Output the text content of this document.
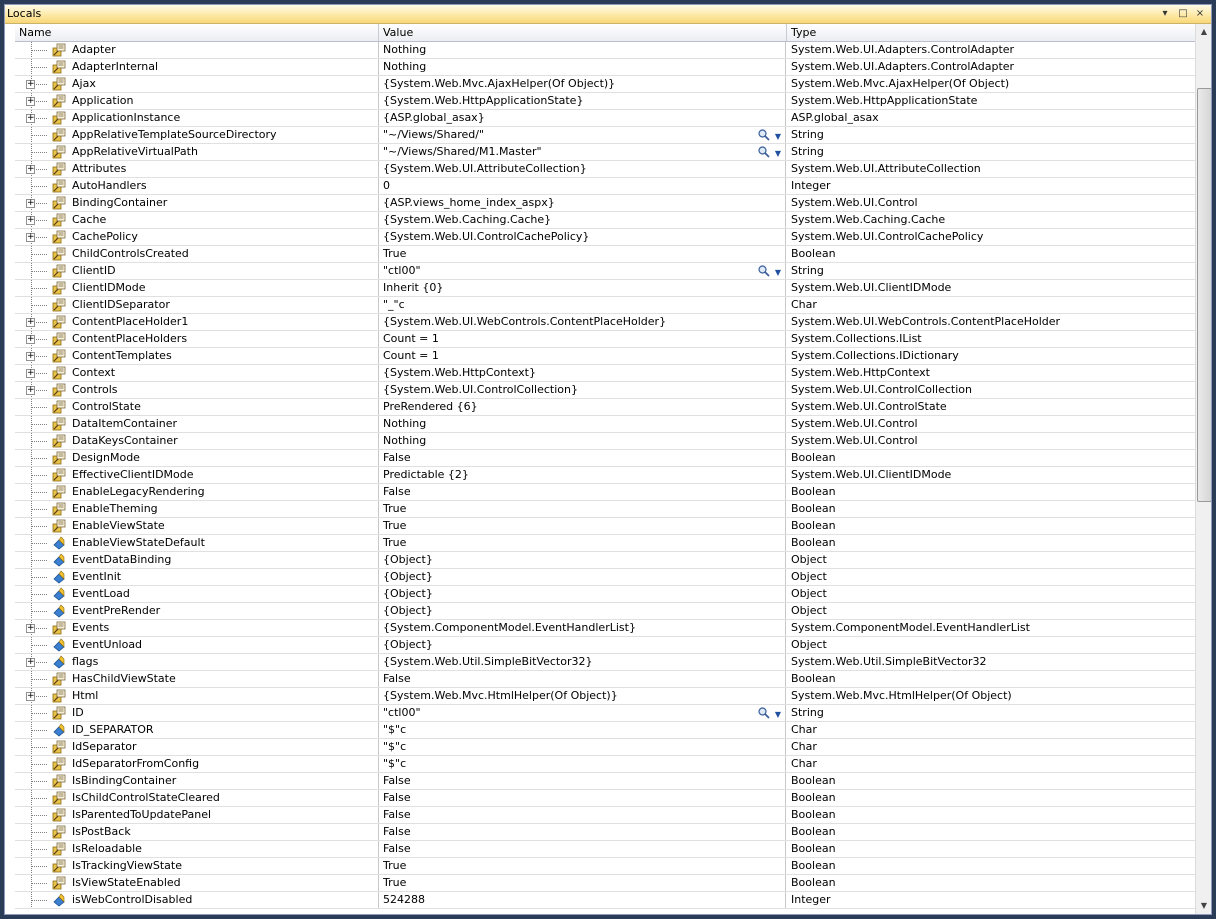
Locals	▾	□ ×
Name	Value	Type
Adapter	Nothing	System.Web.UI.Adapters.ControlAdapter
AdapterInternal	Nothing	System.Web.UI.Adapters.ControlAdapter
+	Ajax	{System.Web.Mvc.AjaxHelper(Of Object)}	System.Web.Mvc.AjaxHelper(Of Object)
+	Application	{System.Web.HttpApplicationState}	System.Web.HttpApplicationState
+	ApplicationInstance	{ASP.global_asax}	ASP.global_asax
AppRelativeTemplateSourceDirectory	"~/Views/Shared/"	▼ String
AppRelativeVirtualPath	"~/Views/Shared/M1.Master"	▼ String
+	Attributes	{System.Web.UI.AttributeCollection}	System.Web.UI.AttributeCollection
AutoHandlers	0	Integer
+	BindingContainer	{ASP.views_home_index_aspx}	System.Web.UI.Control
+	Cache	{System.Web.Caching.Cache}	System.Web.Caching.Cache
+	CachePolicy	{System.Web.UI.ControlCachePolicy}	System.Web.UI.ControlCachePolicy
ChildControlsCreated	True	Boolean
ClientID	"ctl00"	▼ String
ClientIDMode	Inherit {0}	System.Web.UI.ClientIDMode
ClientIDSeparator	"_"c	Char
+	ContentPlaceHolder1	{System.Web.UI.WebControls.ContentPlaceHolder}	System.Web.UI.WebControls.ContentPlaceHolder
+	ContentPlaceHolders	Count = 1	System.Collections.IList
+	ContentTemplates	Count = 1	System.Collections.IDictionary
+	Context	{System.Web.HttpContext}	System.Web.HttpContext
+	Controls	{System.Web.UI.ControlCollection}	System.Web.UI.ControlCollection
ControlState	PreRendered {6}	System.Web.UI.ControlState
DataItemContainer	Nothing	System.Web.UI.Control
DataKeysContainer	Nothing	System.Web.UI.Control
DesignMode	False	Boolean
EffectiveClientIDMode	Predictable {2}	System.Web.UI.ClientIDMode
EnableLegacyRendering	False	Boolean
EnableTheming	True	Boolean
EnableViewState	True	Boolean
EnableViewStateDefault	True	Boolean
EventDataBinding	{Object}	Object
EventInit	{Object}	Object
EventLoad	{Object}	Object
EventPreRender	{Object}	Object
+	Events	{System.ComponentModel.EventHandlerList}	System.ComponentModel.EventHandlerList
EventUnload	{Object}	Object
+	flags	{System.Web.Util.SimpleBitVector32}	System.Web.Util.SimpleBitVector32
HasChildViewState	False	Boolean
+	Html	{System.Web.Mvc.HtmlHelper(Of Object)}	System.Web.Mvc.HtmlHelper(Of Object)
ID	"ctl00"	▼ String
ID_SEPARATOR	"$"c	Char
IdSeparator	"$"c	Char
IdSeparatorFromConfig	"$"c	Char
IsBindingContainer	False	Boolean
IsChildControlStateCleared	False	Boolean
IsParentedToUpdatePanel	False	Boolean
IsPostBack	False	Boolean
IsReloadable	False	Boolean
IsTrackingViewState	True	Boolean
IsViewStateEnabled	True	Boolean
isWebControlDisabled	524288	Integer
▲
▼
